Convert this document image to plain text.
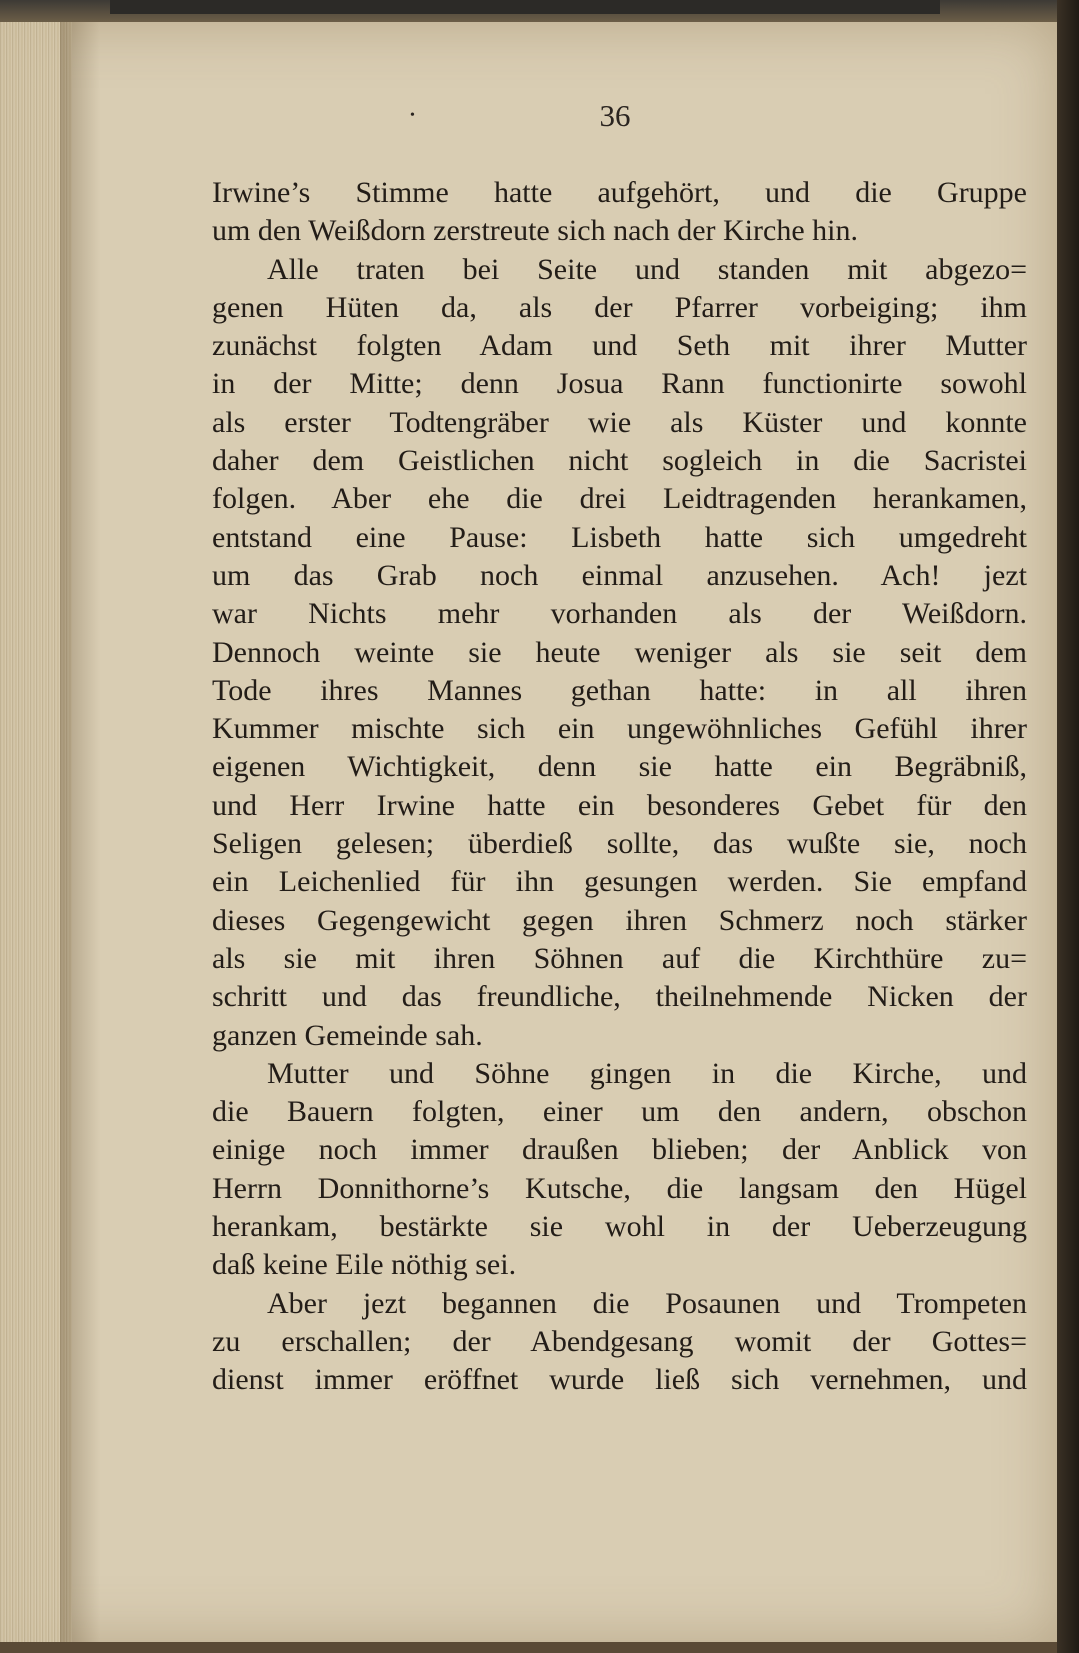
•	36
Irwine’s Stimme hatte aufgehört, und die Gruppe
um den Weißdorn zerstreute sich nach der Kirche hin.
Alle traten bei Seite und standen mit abgezo=
genen Hüten da, als der Pfarrer vorbeiging; ihm
zunächst folgten Adam und Seth mit ihrer Mutter
in der Mitte; denn Josua Rann functionirte sowohl
als erster Todtengräber wie als Küster und konnte
daher dem Geistlichen nicht sogleich in die Sacristei
folgen. Aber ehe die drei Leidtragenden herankamen,
entstand eine Pause: Lisbeth hatte sich umgedreht
um das Grab noch einmal anzusehen. Ach! jezt
war Nichts mehr vorhanden als der Weißdorn.
Dennoch weinte sie heute weniger als sie seit dem
Tode ihres Mannes gethan hatte: in all ihren
Kummer mischte sich ein ungewöhnliches Gefühl ihrer
eigenen Wichtigkeit, denn sie hatte ein Begräbniß,
und Herr Irwine hatte ein besonderes Gebet für den
Seligen gelesen; überdieß sollte, das wußte sie, noch
ein Leichenlied für ihn gesungen werden. Sie empfand
dieses Gegengewicht gegen ihren Schmerz noch stärker
als sie mit ihren Söhnen auf die Kirchthüre zu=
schritt und das freundliche, theilnehmende Nicken der
ganzen Gemeinde sah.
Mutter und Söhne gingen in die Kirche, und
die Bauern folgten, einer um den andern, obschon
einige noch immer draußen blieben; der Anblick von
Herrn Donnithorne’s Kutsche, die langsam den Hügel
herankam, bestärkte sie wohl in der Ueberzeugung
daß keine Eile nöthig sei.
Aber jezt begannen die Posaunen und Trompeten
zu erschallen; der Abendgesang womit der Gottes=
dienst immer eröffnet wurde ließ sich vernehmen, und
